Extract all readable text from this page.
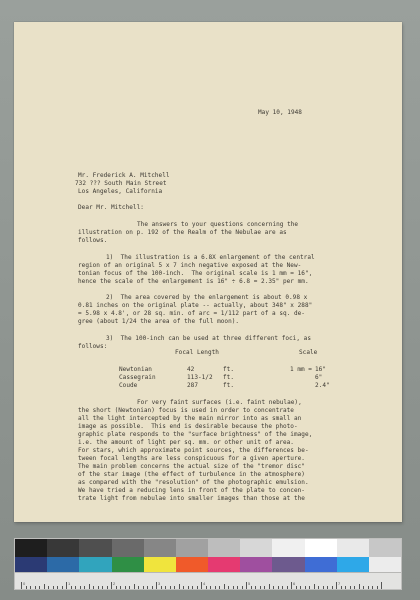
May 10, 1948
Mr. Frederick A. Mitchell
732 ??? South Main Street
Los Angeles, California
Dear Mr. Mitchell:
The answers to your questions concerning the
illustration on p. 192 of the Realm of the Nebulae are as
follows.
1)  The illustration is a 6.8X enlargement of the central
region of an original 5 x 7 inch negative exposed at the New-
tonian focus of the 100-inch.  The original scale is 1 mm = 16",
hence the scale of the enlargement is 16" ÷ 6.8 = 2.35" per mm.
2)  The area covered by the enlargement is about 0.98 x
0.81 inches on the original plate -- actually, about 348" x 288"
= 5.98 x 4.8', or 28 sq. min. of arc = 1/112 part of a sq. de-
gree (about 1/24 the area of the full moon).
3)  The 100-inch can be used at three different foci, as
follows:
Focal Length	Scale
Newtonian	42	ft.	1 mm = 16"
Cassegrain	113-1/2 ft.	6"
Coude	287	ft.	2.4"
For very faint surfaces (i.e. faint nebulae),
the short (Newtonian) focus is used in order to concentrate
all the light intercepted by the main mirror into as small an
image as possible.  This end is desirable because the photo-
graphic plate responds to the "surface brightness" of the image,
i.e. the amount of light per sq. mm. or other unit of area.
For stars, which approximate point sources, the differences be-
tween focal lengths are less conspicuous for a given aperture.
The main problem concerns the actual size of the "tremor disc"
of the star image (the effect of turbulence in the atmosphere)
as compared with the "resolution" of the photographic emulsion.
We have tried a reducing lens in front of the plate to concen-
trate light from nebulae into smaller images than those at the
0	1	2	3	4	5	6	7
